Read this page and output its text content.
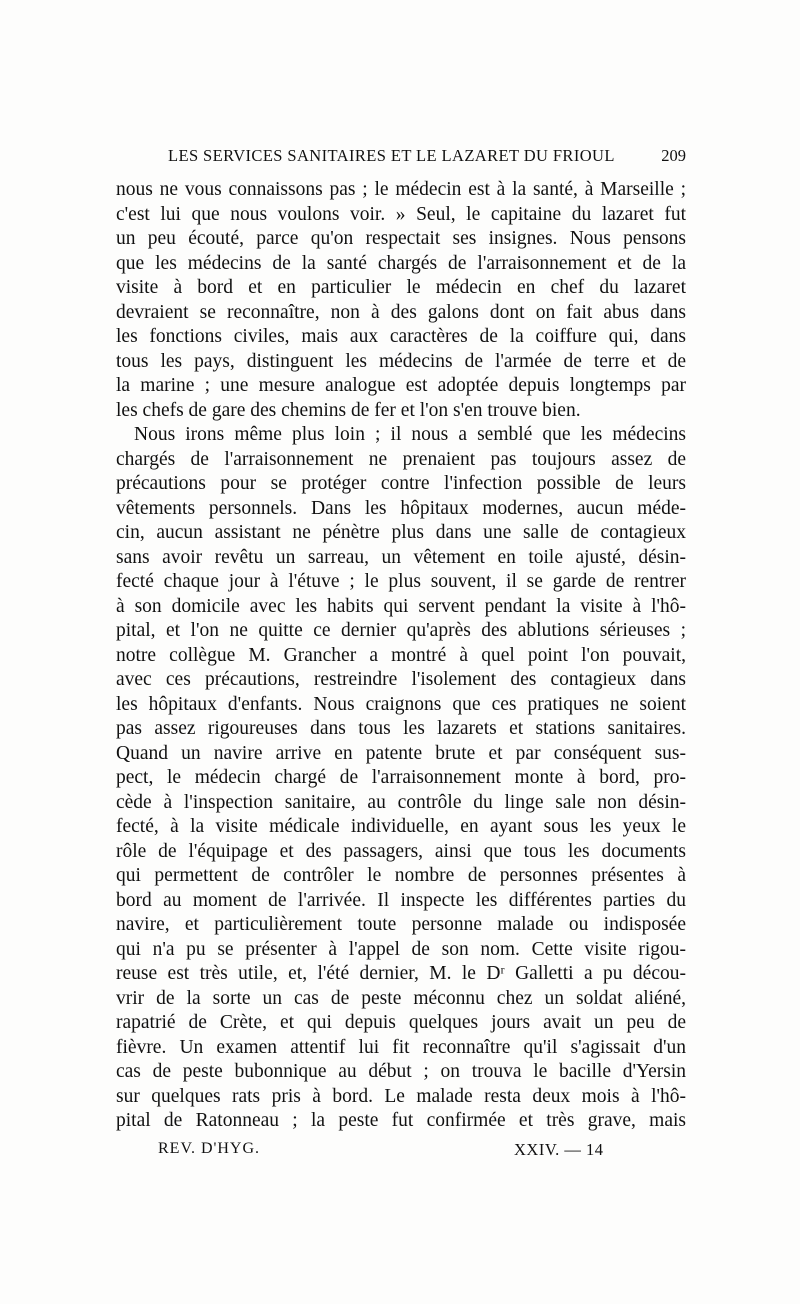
LES SERVICES SANITAIRES ET LE LAZARET DU FRIOUL	209
nous ne vous connaissons pas ; le médecin est à la santé, à Marseille ;
c'est lui que nous voulons voir. » Seul, le capitaine du lazaret fut
un peu écouté, parce qu'on respectait ses insignes. Nous pensons
que les médecins de la santé chargés de l'arraisonnement et de la
visite à bord et en particulier le médecin en chef du lazaret
devraient se reconnaître, non à des galons dont on fait abus dans
les fonctions civiles, mais aux caractères de la coiffure qui, dans
tous les pays, distinguent les médecins de l'armée de terre et de
la marine ; une mesure analogue est adoptée depuis longtemps par
les chefs de gare des chemins de fer et l'on s'en trouve bien.
Nous irons même plus loin ; il nous a semblé que les médecins
chargés de l'arraisonnement ne prenaient pas toujours assez de
précautions pour se protéger contre l'infection possible de leurs
vêtements personnels. Dans les hôpitaux modernes, aucun méde-
cin, aucun assistant ne pénètre plus dans une salle de contagieux
sans avoir revêtu un sarreau, un vêtement en toile ajusté, désin-
fecté chaque jour à l'étuve ; le plus souvent, il se garde de rentrer
à son domicile avec les habits qui servent pendant la visite à l'hô-
pital, et l'on ne quitte ce dernier qu'après des ablutions sérieuses ;
notre collègue M. Grancher a montré à quel point l'on pouvait,
avec ces précautions, restreindre l'isolement des contagieux dans
les hôpitaux d'enfants. Nous craignons que ces pratiques ne soient
pas assez rigoureuses dans tous les lazarets et stations sanitaires.
Quand un navire arrive en patente brute et par conséquent sus-
pect, le médecin chargé de l'arraisonnement monte à bord, pro-
cède à l'inspection sanitaire, au contrôle du linge sale non désin-
fecté, à la visite médicale individuelle, en ayant sous les yeux le
rôle de l'équipage et des passagers, ainsi que tous les documents
qui permettent de contrôler le nombre de personnes présentes à
bord au moment de l'arrivée. Il inspecte les différentes parties du
navire, et particulièrement toute personne malade ou indisposée
qui n'a pu se présenter à l'appel de son nom. Cette visite rigou-
reuse est très utile, et, l'été dernier, M. le Dʳ Galletti a pu décou-
vrir de la sorte un cas de peste méconnu chez un soldat aliéné,
rapatrié de Crète, et qui depuis quelques jours avait un peu de
fièvre. Un examen attentif lui fit reconnaître qu'il s'agissait d'un
cas de peste bubonnique au début ; on trouva le bacille d'Yersin
sur quelques rats pris à bord. Le malade resta deux mois à l'hô-
pital de Ratonneau ; la peste fut confirmée et très grave, mais
REV. D'HYG.	XXIV. — 14
